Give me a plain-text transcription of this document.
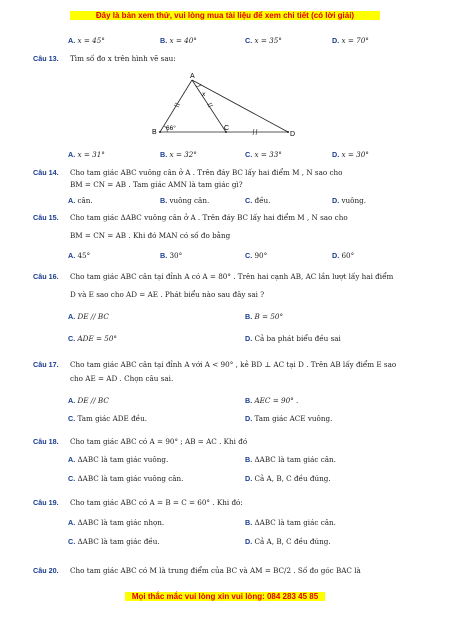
Đây là bản xem thử, vui lòng mua tài liệu để xem chi tiết (có lời giải)
A. x = 45°	B. x = 40°	C. x = 35°	D. x = 70°
Câu 13. Tìm số đo x trên hình vẽ sau:
A
B
C
D
x
66°
A. x = 31°	B. x = 32°	C. x = 33°	D. x = 30°
Câu 14. Cho tam giác ABC vuông cân ở A . Trên đáy BC lấy hai điểm M , N sao cho
BM = CN = AB . Tam giác AMN là tam giác gì?
A. cân.	B. vuông cân.	C. đều.	D. vuông.
Câu 15. Cho tam giác ΔABC vuông cân ở A . Trên đáy BC lấy hai điểm M , N sao cho
BM = CN = AB . Khi đó MAN có số đo bằng
A. 45°	B. 30°	C. 90°	D. 60°
Câu 16. Cho tam giác ABC cân tại đỉnh A có A = 80° . Trên hai cạnh AB, AC lần lượt lấy hai điểm
D và E sao cho AD = AE . Phát biểu nào sau đây sai ?
A. DE // BC	B. B = 50°
C. ADE = 50°	D. Cả ba phát biểu đều sai
Câu 17. Cho tam giác ABC cân tại đỉnh A với A < 90° , kẻ BD ⊥ AC tại D . Trên AB lấy điểm E sao
cho AE = AD . Chọn câu sai.
A. DE // BC	B. AEC = 90° .
C. Tam giác ADE đều.	D. Tam giác ACE vuông.
Câu 18. Cho tam giác ABC có A = 90° ; AB = AC . Khi đó
A. ΔABC là tam giác vuông.	B. ΔABC là tam giác cân.
C. ΔABC là tam giác vuông cân.	D. Cả A, B, C đều đúng.
Câu 19. Cho tam giác ABC có A = B = C = 60° . Khi đó:
A. ΔABC là tam giác nhọn.	B. ΔABC là tam giác cân.
C. ΔABC là tam giác đều.	D. Cả A, B, C đều đúng.
Câu 20. Cho tam giác ABC có M là trung điểm của BC và AM = BC/2 . Số đo góc BAC là
Mọi thắc mắc vui lòng xin vui lòng: 084 283 45 85
